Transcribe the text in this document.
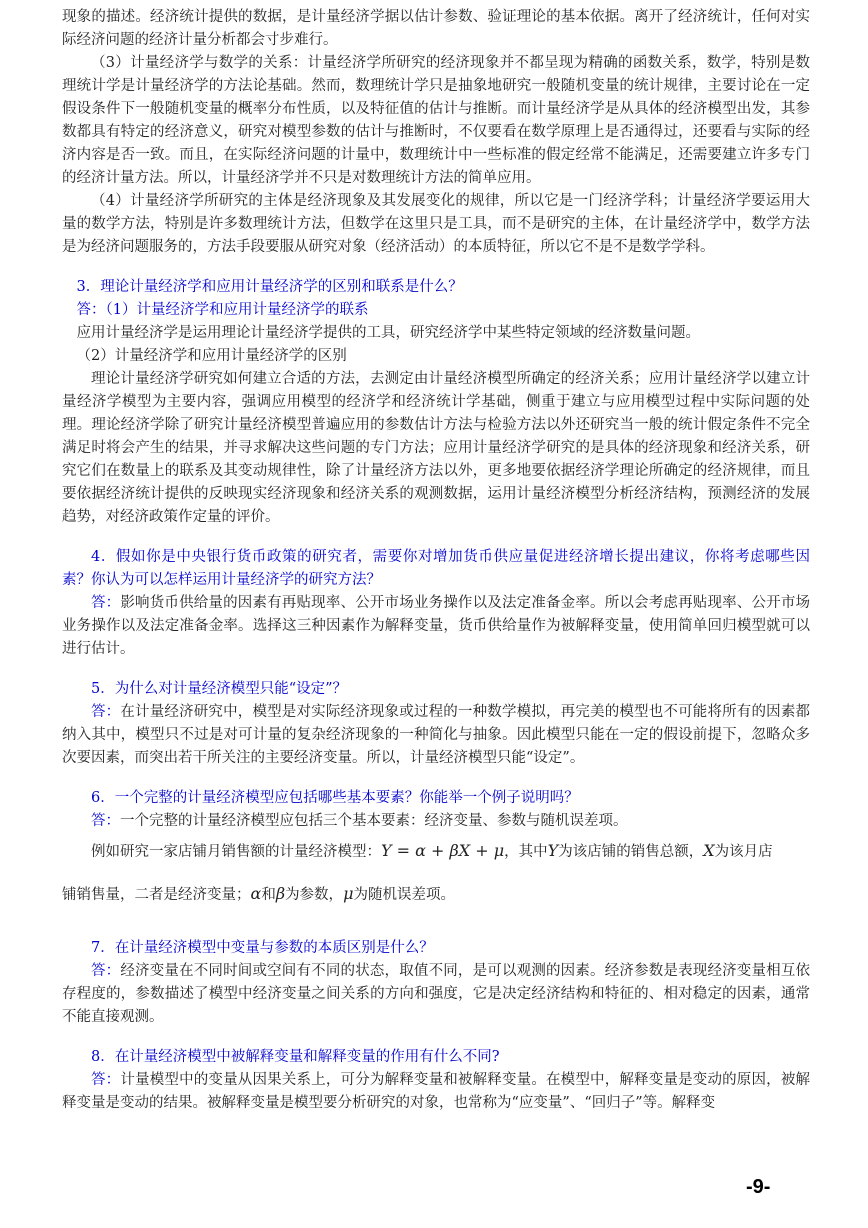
现象的描述。经济统计提供的数据，是计量经济学据以估计参数、验证理论的基本依据。离开了经济统计，任何对实际经济问题的经济计量分析都会寸步难行。

（3）计量经济学与数学的关系：计量经济学所研究的经济现象并不都呈现为精确的函数关系，数学，特别是数理统计学是计量经济学的方法论基础。然而，数理统计学只是抽象地研究一般随机变量的统计规律，主要讨论在一定假设条件下一般随机变量的概率分布性质，以及特征值的估计与推断。而计量经济学是从具体的经济模型出发，其参数都具有特定的经济意义，研究对模型参数的估计与推断时，不仅要看在数学原理上是否通得过，还要看与实际的经济内容是否一致。而且，在实际经济问题的计量中，数理统计中一些标准的假定经常不能满足，还需要建立许多专门的经济计量方法。所以，计量经济学并不只是对数理统计方法的简单应用。

（4）计量经济学所研究的主体是经济现象及其发展变化的规律，所以它是一门经济学科；计量经济学要运用大量的数学方法，特别是许多数理统计方法，但数学在这里只是工具，而不是研究的主体，在计量经济学中，数学方法是为经济问题服务的，方法手段要服从研究对象（经济活动）的本质特征，所以它不是不是数学学科。

3．理论计量经济学和应用计量经济学的区别和联系是什么？

答：（1）计量经济学和应用计量经济学的联系

应用计量经济学是运用理论计量经济学提供的工具，研究经济学中某些特定领域的经济数量问题。

（2）计量经济学和应用计量经济学的区别

理论计量经济学研究如何建立合适的方法，去测定由计量经济模型所确定的经济关系；应用计量经济学以建立计量经济学模型为主要内容，强调应用模型的经济学和经济统计学基础，侧重于建立与应用模型过程中实际问题的处理。理论经济学除了研究计量经济模型普遍应用的参数估计方法与检验方法以外还研究当一般的统计假定条件不完全满足时将会产生的结果，并寻求解决这些问题的专门方法；应用计量经济学研究的是具体的经济现象和经济关系，研究它们在数量上的联系及其变动规律性，除了计量经济方法以外，更多地要依据经济学理论所确定的经济规律，而且要依据经济统计提供的反映现实经济现象和经济关系的观测数据，运用计量经济模型分析经济结构，预测经济的发展趋势，对经济政策作定量的评价。

4．假如你是中央银行货币政策的研究者，需要你对增加货币供应量促进经济增长提出建议，你将考虑哪些因素？你认为可以怎样运用计量经济学的研究方法？

答：影响货币供给量的因素有再贴现率、公开市场业务操作以及法定准备金率。所以会考虑再贴现率、公开市场业务操作以及法定准备金率。选择这三种因素作为解释变量，货币供给量作为被解释变量，使用简单回归模型就可以进行估计。

5．为什么对计量经济模型只能“设定”？

答：在计量经济研究中，模型是对实际经济现象或过程的一种数学模拟，再完美的模型也不可能将所有的因素都纳入其中，模型只不过是对可计量的复杂经济现象的一种简化与抽象。因此模型只能在一定的假设前提下，忽略众多次要因素，而突出若干所关注的主要经济变量。所以，计量经济模型只能“设定”。

6．一个完整的计量经济模型应包括哪些基本要素？你能举一个例子说明吗？

答：一个完整的计量经济模型应包括三个基本要素：经济变量、参数与随机误差项。

例如研究一家店铺月销售额的计量经济模型：Y = α + βX + μ，其中Y为该店铺的销售总额，X为该月店

铺销售量，二者是经济变量；α和β为参数，μ为随机误差项。

7．在计量经济模型中变量与参数的本质区别是什么？

答：经济变量在不同时间或空间有不同的状态，取值不同，是可以观测的因素。经济参数是表现经济变量相互依存程度的，参数描述了模型中经济变量之间关系的方向和强度，它是决定经济结构和特征的、相对稳定的因素，通常不能直接观测。

8．在计量经济模型中被解释变量和解释变量的作用有什么不同?

答：计量模型中的变量从因果关系上，可分为解释变量和被解释变量。在模型中，解释变量是变动的原因，被解释变量是变动的结果。被解释变量是模型要分析研究的对象，也常称为“应变量”、“回归子”等。解释变

-9-
